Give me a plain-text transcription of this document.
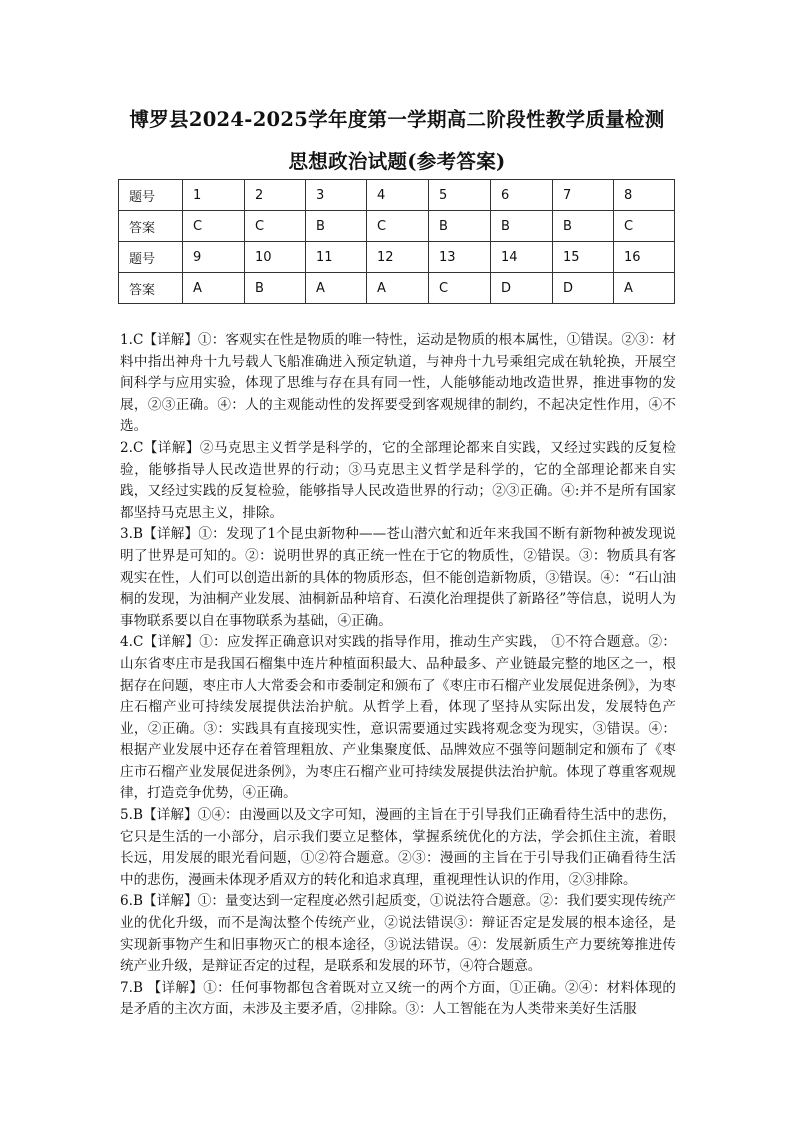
博罗县2024-2025学年度第一学期高二阶段性教学质量检测
思想政治试题(参考答案)
题号	1	2	3	4	5	6	7	8
答案	C	C	B	C	B	B	B	C
题号	9	10	11	12	13	14	15	16
答案	A	B	A	A	C	D	D	A

1.C【详解】①：客观实在性是物质的唯一特性，运动是物质的根本属性，①错误。②③：材料中指出神舟十九号载人飞船准确进入预定轨道，与神舟十九号乘组完成在轨轮换，开展空间科学与应用实验，体现了思维与存在具有同一性，人能够能动地改造世界，推进事物的发展，②③正确。④：人的主观能动性的发挥要受到客观规律的制约，不起决定性作用，④不选。

2.C【详解】②马克思主义哲学是科学的，它的全部理论都来自实践，又经过实践的反复检验，能够指导人民改造世界的行动；③马克思主义哲学是科学的，它的全部理论都来自实践，又经过实践的反复检验，能够指导人民改造世界的行动；②③正确。④:并不是所有国家都坚持马克思主义，排除。

3.B【详解】①：发现了1个昆虫新物种——苍山潜穴虻和近年来我国不断有新物种被发现说明了世界是可知的。②：说明世界的真正统一性在于它的物质性，②错误。③：物质具有客观实在性，人们可以创造出新的具体的物质形态，但不能创造新物质，③错误。④：“石山油桐的发现，为油桐产业发展、油桐新品种培育、石漠化治理提供了新路径”等信息，说明人为事物联系要以自在事物联系为基础，④正确。

4.C【详解】①：应发挥正确意识对实践的指导作用，推动生产实践， ①不符合题意。②：山东省枣庄市是我国石榴集中连片种植面积最大、品种最多、产业链最完整的地区之一，根据存在问题，枣庄市人大常委会和市委制定和颁布了《枣庄市石榴产业发展促进条例》，为枣庄石榴产业可持续发展提供法治护航。从哲学上看，体现了坚持从实际出发，发展特色产业，②正确。③：实践具有直接现实性，意识需要通过实践将观念变为现实，③错误。④：根据产业发展中还存在着管理粗放、产业集聚度低、品牌效应不强等问题制定和颁布了《枣庄市石榴产业发展促进条例》，为枣庄石榴产业可持续发展提供法治护航。体现了尊重客观规律，打造竞争优势，④正确。

5.B【详解】①④：由漫画以及文字可知，漫画的主旨在于引导我们正确看待生活中的悲伤，它只是生活的一小部分，启示我们要立足整体，掌握系统优化的方法，学会抓住主流，着眼长远，用发展的眼光看问题，①②符合题意。②③：漫画的主旨在于引导我们正确看待生活中的悲伤，漫画未体现矛盾双方的转化和追求真理，重视理性认识的作用，②③排除。

6.B【详解】①：量变达到一定程度必然引起质变，①说法符合题意。②：我们要实现传统产业的优化升级，而不是淘汰整个传统产业，②说法错误③：辩证否定是发展的根本途径，是实现新事物产生和旧事物灭亡的根本途径，③说法错误。④：发展新质生产力要统筹推进传统产业升级，是辩证否定的过程，是联系和发展的环节，④符合题意。

7.B 【详解】①：任何事物都包含着既对立又统一的两个方面，①正确。②④：材料体现的是矛盾的主次方面，未涉及主要矛盾，②排除。③：人工智能在为人类带来美好生活服
